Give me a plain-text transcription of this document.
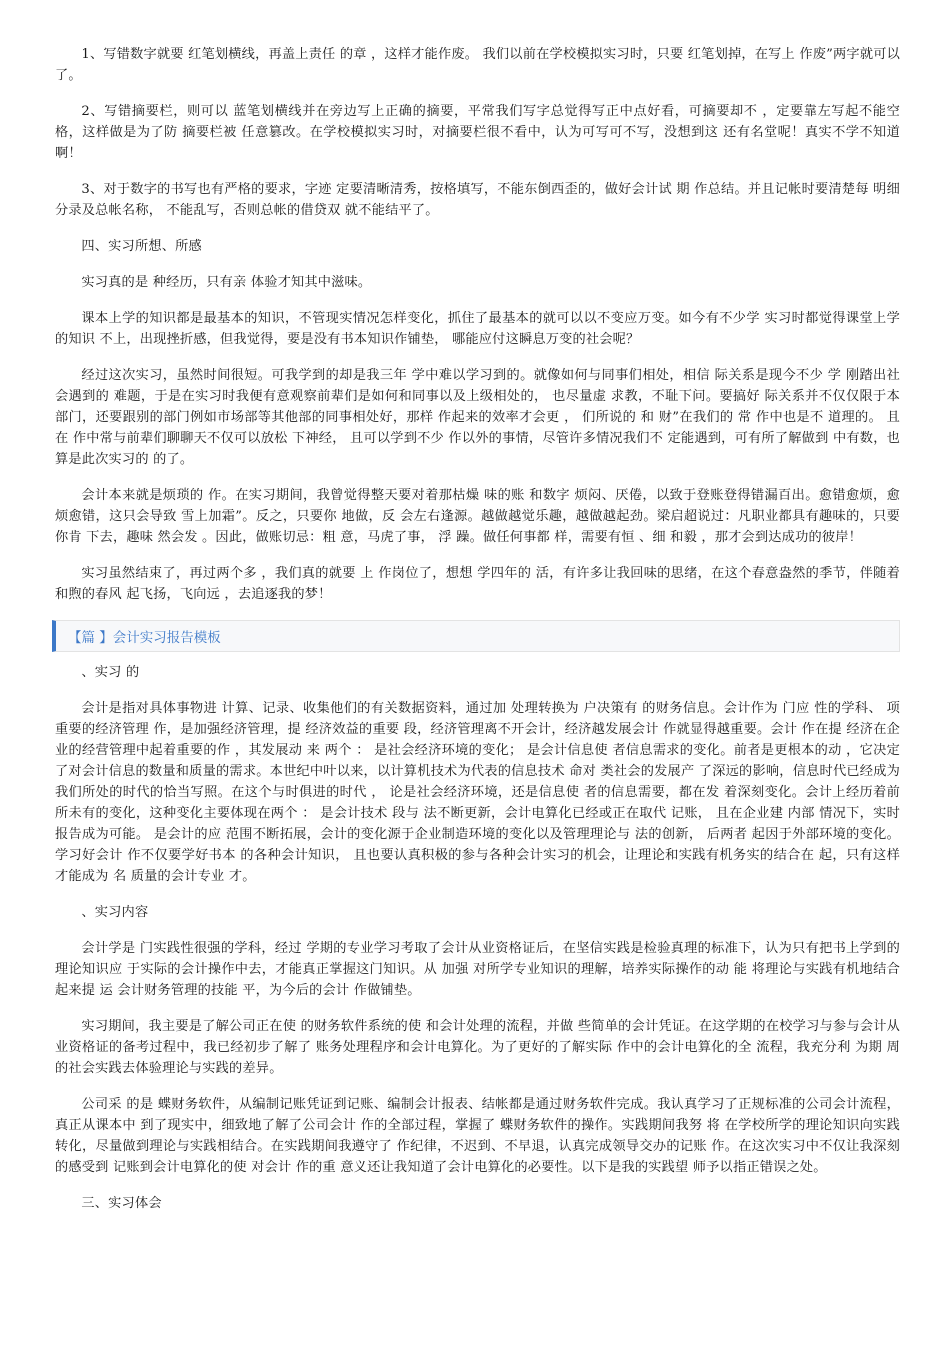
1、写错数字就要 红笔划横线，再盖上责任 的章 ，这样才能作废。 我们以前在学校模拟实习时，只要 红笔划掉，在写上 作废”两字就可以了。

2、写错摘要栏，则可以 蓝笔划横线并在旁边写上正确的摘要，平常我们写字总觉得写正中点好看，可摘要却不 ，定要靠左写起不能空格，这样做是为了防 摘要栏被 任意篡改。在学校模拟实习时，对摘要栏很不看中，认为可写可不写，没想到这 还有名堂呢！真实不学不知道啊！

3、对于数字的书写也有严格的要求，字迹 定要清晰清秀，按格填写，不能东倒西歪的，做好会计试 期 作总结。并且记帐时要清楚每 明细分录及总帐名称， 不能乱写，否则总帐的借贷双 就不能结平了。

四、实习所想、所感

实习真的是 种经历，只有亲 体验才知其中滋味。

课本上学的知识都是最基本的知识，不管现实情况怎样变化，抓住了最基本的就可以以不变应万变。如今有不少学 实习时都觉得课堂上学的知识 不上，出现挫折感，但我觉得，要是没有书本知识作铺垫， 哪能应付这瞬息万变的社会呢？

经过这次实习，虽然时间很短。可我学到的却是我三年 学中难以学习到的。就像如何与同事们相处，相信 际关系是现今不少 学 刚踏出社会遇到的 难题，于是在实习时我便有意观察前辈们是如何和同事以及上级相处的， 也尽量虚 求教，不耻下问。要搞好 际关系并不仅仅限于本部门，还要跟别的部门例如市场部等其他部的同事相处好，那样 作起来的效率才会更 ， 们所说的 和 财”在我们的 常 作中也是不 道理的。 且在 作中常与前辈们聊聊天不仅可以放松 下神经， 且可以学到不少 作以外的事情，尽管许多情况我们不 定能遇到，可有所了解做到 中有数，也算是此次实习的 的了。

会计本来就是烦琐的 作。在实习期间，我曾觉得整天要对着那枯燥 味的账 和数字 烦闷、厌倦，以致于登账登得错漏百出。愈错愈烦，愈烦愈错，这只会导致 雪上加霜”。反之，只要你 地做，反 会左右逢源。越做越觉乐趣，越做越起劲。梁启超说过：凡职业都具有趣味的，只要你肯 下去，趣味 然会发 。因此，做账切忌：粗 意，马虎了事， 浮 躁。做任何事都 样，需要有恒 、细 和毅 ，那才会到达成功的彼岸！

实习虽然结束了，再过两个多 ，我们真的就要 上 作岗位了，想想 学四年的 活，有许多让我回味的思绪，在这个春意盎然的季节，伴随着和煦的春风 起飞扬，飞向远 ，去追逐我的梦！

【篇 】会计实习报告模板

、实习 的

会计是指对具体事物进 计算、记录、收集他们的有关数据资料，通过加 处理转换为 户决策有 的财务信息。会计作为 门应 性的学科、 项重要的经济管理 作，是加强经济管理，提 经济效益的重要 段，经济管理离不开会计，经济越发展会计 作就显得越重要。会计 作在提 经济在企业的经营管理中起着重要的作 ，其发展动 来 两个 ： 是社会经济环境的变化； 是会计信息使 者信息需求的变化。前者是更根本的动 ，它决定了对会计信息的数量和质量的需求。本世纪中叶以来，以计算机技术为代表的信息技术 命对 类社会的发展产 了深远的影响，信息时代已经成为我们所处的时代的恰当写照。在这个与时俱进的时代 ， 论是社会经济环境，还是信息使 者的信息需要，都在发 着深刻变化。会计上经历着前所未有的变化，这种变化主要体现在两个 ： 是会计技术 段与 法不断更新，会计电算化已经或正在取代 记账， 且在企业建 内部 情况下，实时报告成为可能。 是会计的应 范围不断拓展，会计的变化源于企业制造环境的变化以及管理理论与 法的创新， 后两者 起因于外部环境的变化。学习好会计 作不仅要学好书本 的各种会计知识， 且也要认真积极的参与各种会计实习的机会，让理论和实践有机务实的结合在 起，只有这样才能成为 名 质量的会计专业 才。

、实习内容

会计学是 门实践性很强的学科，经过 学期的专业学习考取了会计从业资格证后，在坚信实践是检验真理的标准下，认为只有把书上学到的理论知识应 于实际的会计操作中去，才能真正掌握这门知识。从 加强 对所学专业知识的理解，培养实际操作的动 能 将理论与实践有机地结合起来提 运 会计财务管理的技能 平，为今后的会计 作做铺垫。

实习期间，我主要是了解公司正在使 的财务软件系统的使 和会计处理的流程，并做 些简单的会计凭证。在这学期的在校学习与参与会计从业资格证的备考过程中，我已经初步了解了 账务处理程序和会计电算化。为了更好的了解实际 作中的会计电算化的全 流程，我充分利 为期 周的社会实践去体验理论与实践的差异。

公司采 的是 蝶财务软件，从编制记账凭证到记账、编制会计报表、结帐都是通过财务软件完成。我认真学习了正规标准的公司会计流程，真正从课本中 到了现实中，细致地了解了公司会计 作的全部过程，掌握了 蝶财务软件的操作。实践期间我努 将 在学校所学的理论知识向实践 转化，尽量做到理论与实践相结合。在实践期间我遵守了 作纪律，不迟到、不早退，认真完成领导交办的记账 作。在这次实习中不仅让我深刻的感受到 记账到会计电算化的使 对会计 作的重 意义还让我知道了会计电算化的必要性。以下是我的实践望 师予以指正错误之处。

三、实习体会
